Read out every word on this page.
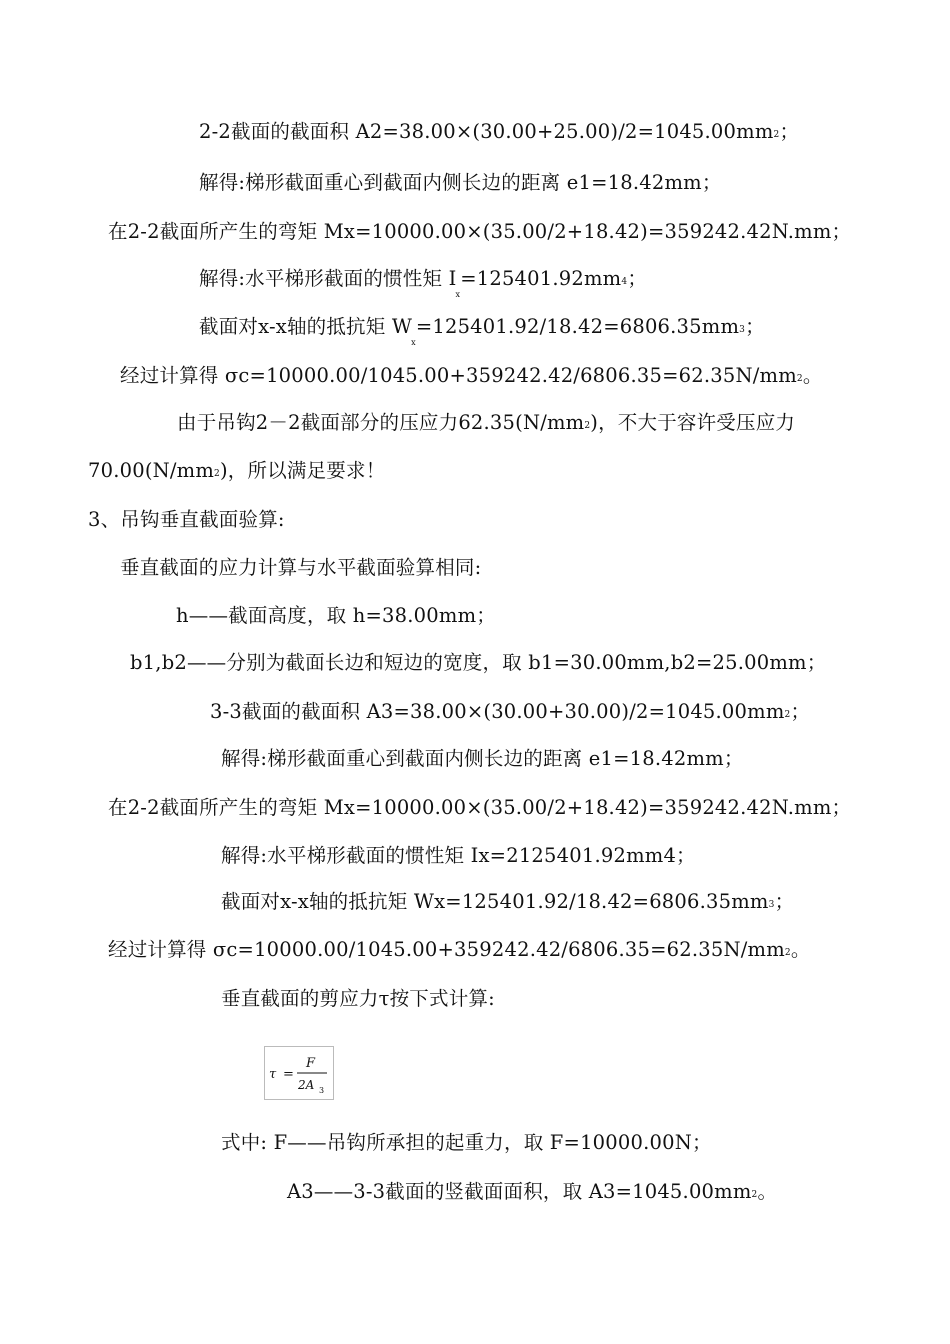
2-2截面的截面积 A2=38.00×(30.00+25.00)/2=1045.00mm2；
解得:梯形截面重心到截面内侧长边的距离 e1=18.42mm；
在2-2截面所产生的弯矩 Mx=10000.00×(35.00/2+18.42)=359242.42N.mm；
解得:水平梯形截面的惯性矩 $I_x=125401.92mm4$；
截面对x-x轴的抵抗矩 $W_x=125401.92/18.42=6806.35mm3$；
经过计算得 σc=10000.00/1045.00+359242.42/6806.35=62.35N/mm2。
由于吊钩2－2截面部分的压应力62.35(N/mm2)，不大于容许受压应力
70.00(N/mm2)，所以满足要求！
3、吊钩垂直截面验算:
垂直截面的应力计算与水平截面验算相同:
h——截面高度，取 h=38.00mm；
b1,b2——分别为截面长边和短边的宽度，取 b1=30.00mm,b2=25.00mm；
3-3截面的截面积 A3=38.00×(30.00+30.00)/2=1045.00mm2；
解得:梯形截面重心到截面内侧长边的距离 e1=18.42mm；
在2-2截面所产生的弯矩 Mx=10000.00×(35.00/2+18.42)=359242.42N.mm；
解得:水平梯形截面的惯性矩 Ix=2125401.92mm4；
截面对x-x轴的抵抗矩 Wx=125401.92/18.42=6806.35mm3；
经过计算得 σc=10000.00/1045.00+359242.42/6806.35=62.35N/mm2。
垂直截面的剪应力τ按下式计算:
τ =
F
2A 3
式中: F——吊钩所承担的起重力，取 F=10000.00N；
A3——3-3截面的竖截面面积，取 A3=1045.00mm2。
